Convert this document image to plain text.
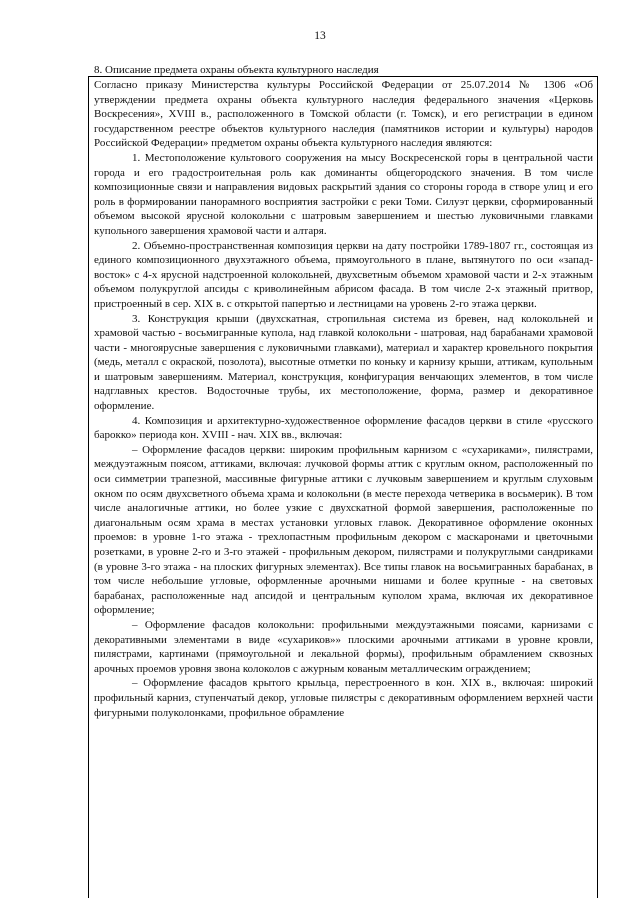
13
8. Описание предмета охраны объекта культурного наследия

Согласно приказу Министерства культуры Российской Федерации от 25.07.2014 № 1306 «Об утверждении предмета охраны объекта культурного наследия федерального значения «Церковь Воскресения», XVIII в., расположенного в Томской области (г. Томск), и его регистрации в едином государственном реестре объектов культурного наследия (памятников истории и культуры) народов Российской Федерации» предметом охраны объекта культурного наследия являются:

1. Местоположение культового сооружения на мысу Воскресенской горы в центральной части города и его градостроительная роль как доминанты общегородского значения. В том числе композиционные связи и направления видовых раскрытий здания со стороны города в створе улиц и его роль в формировании панорамного восприятия застройки с реки Томи. Силуэт церкви, сформированный объемом высокой ярусной колокольни с шатровым завершением и шестью луковичными главками купольного завершения храмовой части и алтаря.

2. Объемно-пространственная композиция церкви на дату постройки 1789-1807 гг., состоящая из единого композиционного двухэтажного объема, прямоугольного в плане, вытянутого по оси «запад-восток» с 4-х ярусной надстроенной колокольней, двухсветным объемом храмовой части и 2-х этажным объемом полукруглой апсиды с криволинейным абрисом фасада. В том числе 2-х этажный притвор, пристроенный в сер. XIX в. с открытой папертью и лестницами на уровень 2-го этажа церкви.

3. Конструкция крыши (двухскатная, стропильная система из бревен, над колокольней и храмовой частью - восьмигранные купола, над главкой колокольни - шатровая, над барабанами храмовой части - многоярусные завершения с луковичными главками), материал и характер кровельного покрытия (медь, металл с окраской, позолота), высотные отметки по коньку и карнизу крыши, аттикам, купольным и шатровым завершениям. Материал, конструкция, конфигурация венчающих элементов, в том числе надглавных крестов. Водосточные трубы, их местоположение, форма, размер и декоративное оформление.

4. Композиция и архитектурно-художественное оформление фасадов церкви в стиле «русского барокко» периода кон. XVIII - нач. XIX вв., включая:

– Оформление фасадов церкви: широким профильным карнизом с «сухариками», пилястрами, междуэтажным поясом, аттиками, включая: лучковой формы аттик с круглым окном, расположенный по оси симметрии трапезной, массивные фигурные аттики с лучковым завершением и круглым слуховым окном по осям двухсветного объема храма и колокольни (в месте перехода четверика в восьмерик). В том числе аналогичные аттики, но более узкие с двухскатной формой завершения, расположенные по диагональным осям храма в местах установки угловых главок. Декоративное оформление оконных проемов: в уровне 1-го этажа - трехлопастным профильным декором с маскаронами и цветочными розетками, в уровне 2-го и 3-го этажей - профильным декором, пилястрами и полукруглыми сандриками (в уровне 3-го этажа - на плоских фигурных элементах). Все типы главок на восьмигранных барабанах, в том числе небольшие угловые, оформленные арочными нишами и более крупные - на световых барабанах, расположенные над апсидой и центральным куполом храма, включая их декоративное оформление;

– Оформление фасадов колокольни: профильными междуэтажными поясами, карнизами с декоративными элементами в виде «сухариков»» плоскими арочными аттиками в уровне кровли, пилястрами, картинами (прямоугольной и лекальной формы), профильным обрамлением сквозных арочных проемов уровня звона колоколов с ажурным кованым металлическим ограждением;

– Оформление фасадов крытого крыльца, перестроенного в кон. XIX в., включая: широкий профильный карниз, ступенчатый декор, угловые пилястры с декоративным оформлением верхней части фигурными полуколонками, профильное обрамление
